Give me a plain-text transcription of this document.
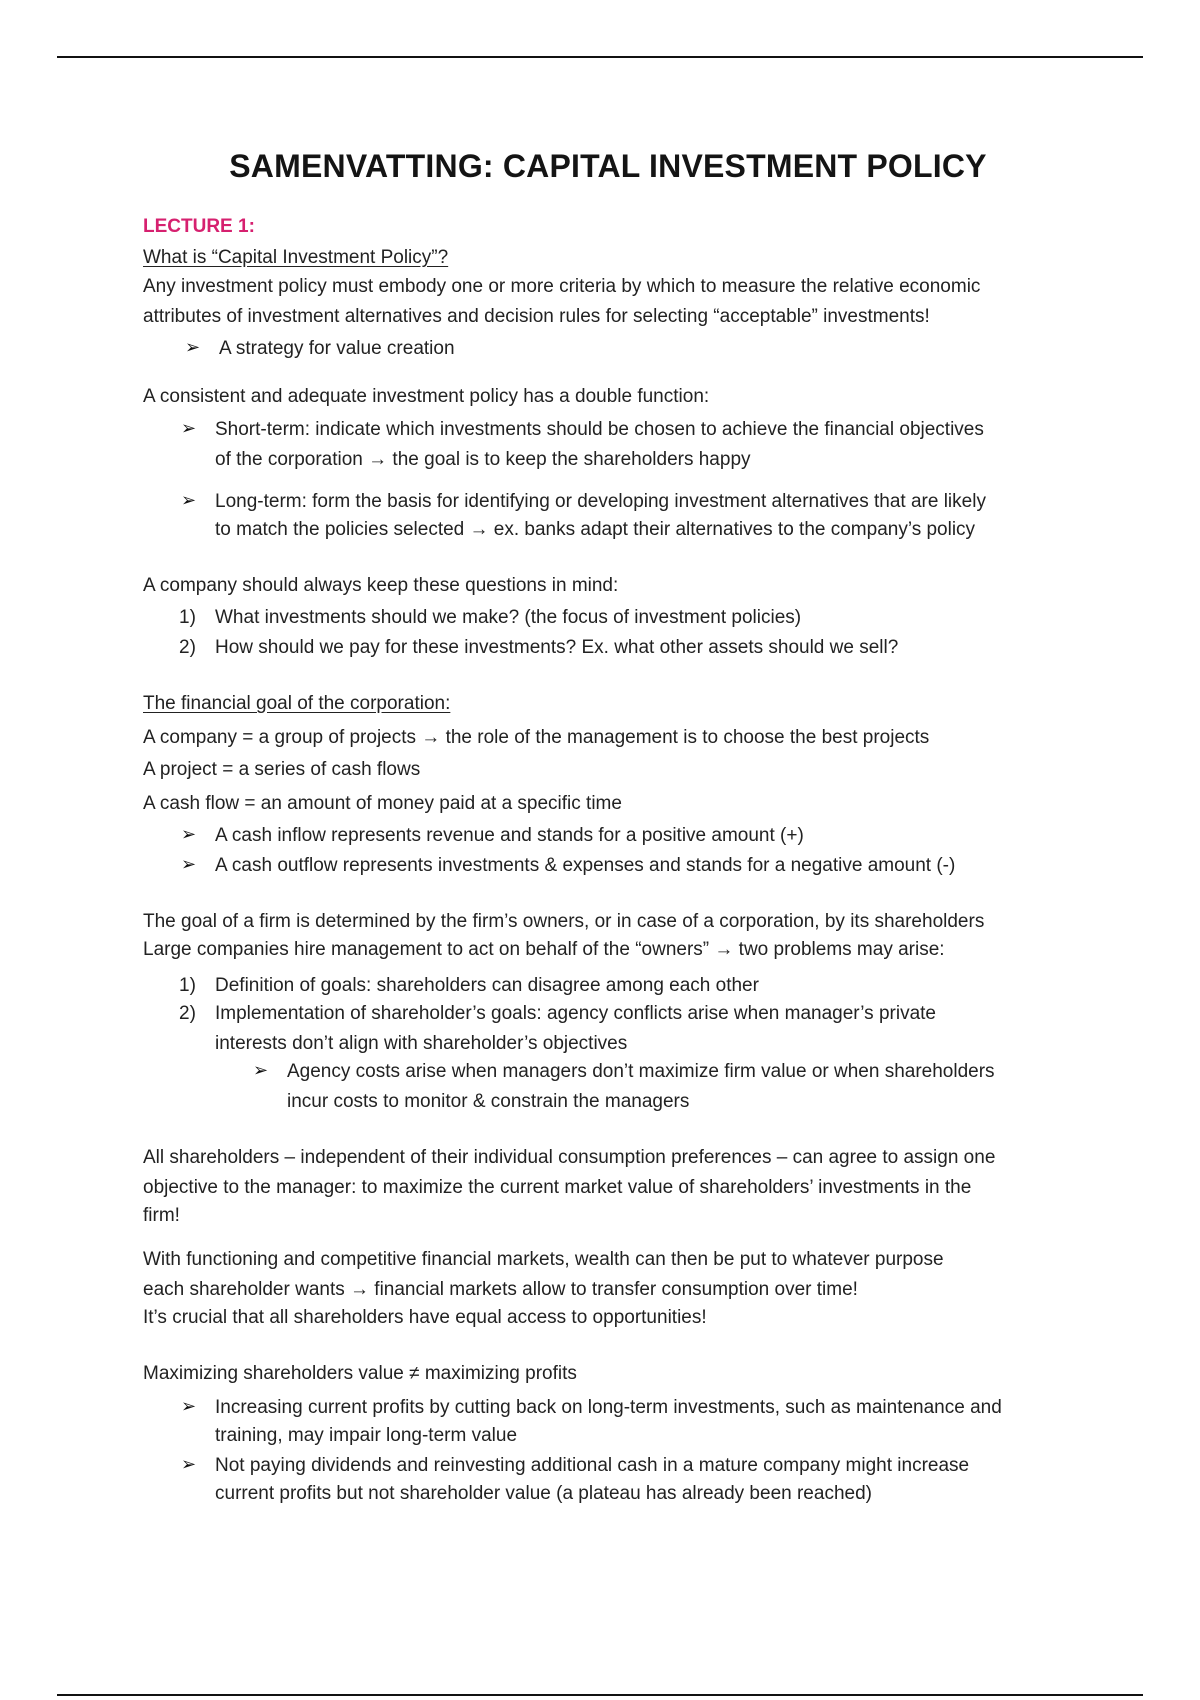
SAMENVATTING: CAPITAL INVESTMENT POLICY
LECTURE 1:
What is “Capital Investment Policy”?
Any investment policy must embody one or more criteria by which to measure the relative economic
attributes of investment alternatives and decision rules for selecting “acceptable” investments!
➢ A strategy for value creation
A consistent and adequate investment policy has a double function:
➢ Short-term: indicate which investments should be chosen to achieve the financial objectives
of the corporation → the goal is to keep the shareholders happy
➢ Long-term: form the basis for identifying or developing investment alternatives that are likely
to match the policies selected → ex. banks adapt their alternatives to the company’s policy
A company should always keep these questions in mind:
1) What investments should we make? (the focus of investment policies)
2) How should we pay for these investments? Ex. what other assets should we sell?
The financial goal of the corporation:
A company = a group of projects → the role of the management is to choose the best projects
A project = a series of cash flows
A cash flow = an amount of money paid at a specific time
➢ A cash inflow represents revenue and stands for a positive amount (+)
➢ A cash outflow represents investments & expenses and stands for a negative amount (-)
The goal of a firm is determined by the firm’s owners, or in case of a corporation, by its shareholders
Large companies hire management to act on behalf of the “owners” → two problems may arise:
1) Definition of goals: shareholders can disagree among each other
2) Implementation of shareholder’s goals: agency conflicts arise when manager’s private
interests don’t align with shareholder’s objectives
➢ Agency costs arise when managers don’t maximize firm value or when shareholders
incur costs to monitor & constrain the managers
All shareholders – independent of their individual consumption preferences – can agree to assign one
objective to the manager: to maximize the current market value of shareholders’ investments in the
firm!
With functioning and competitive financial markets, wealth can then be put to whatever purpose
each shareholder wants → financial markets allow to transfer consumption over time!
It’s crucial that all shareholders have equal access to opportunities!
Maximizing shareholders value ≠ maximizing profits
➢ Increasing current profits by cutting back on long-term investments, such as maintenance and
training, may impair long-term value
➢ Not paying dividends and reinvesting additional cash in a mature company might increase
current profits but not shareholder value (a plateau has already been reached)
